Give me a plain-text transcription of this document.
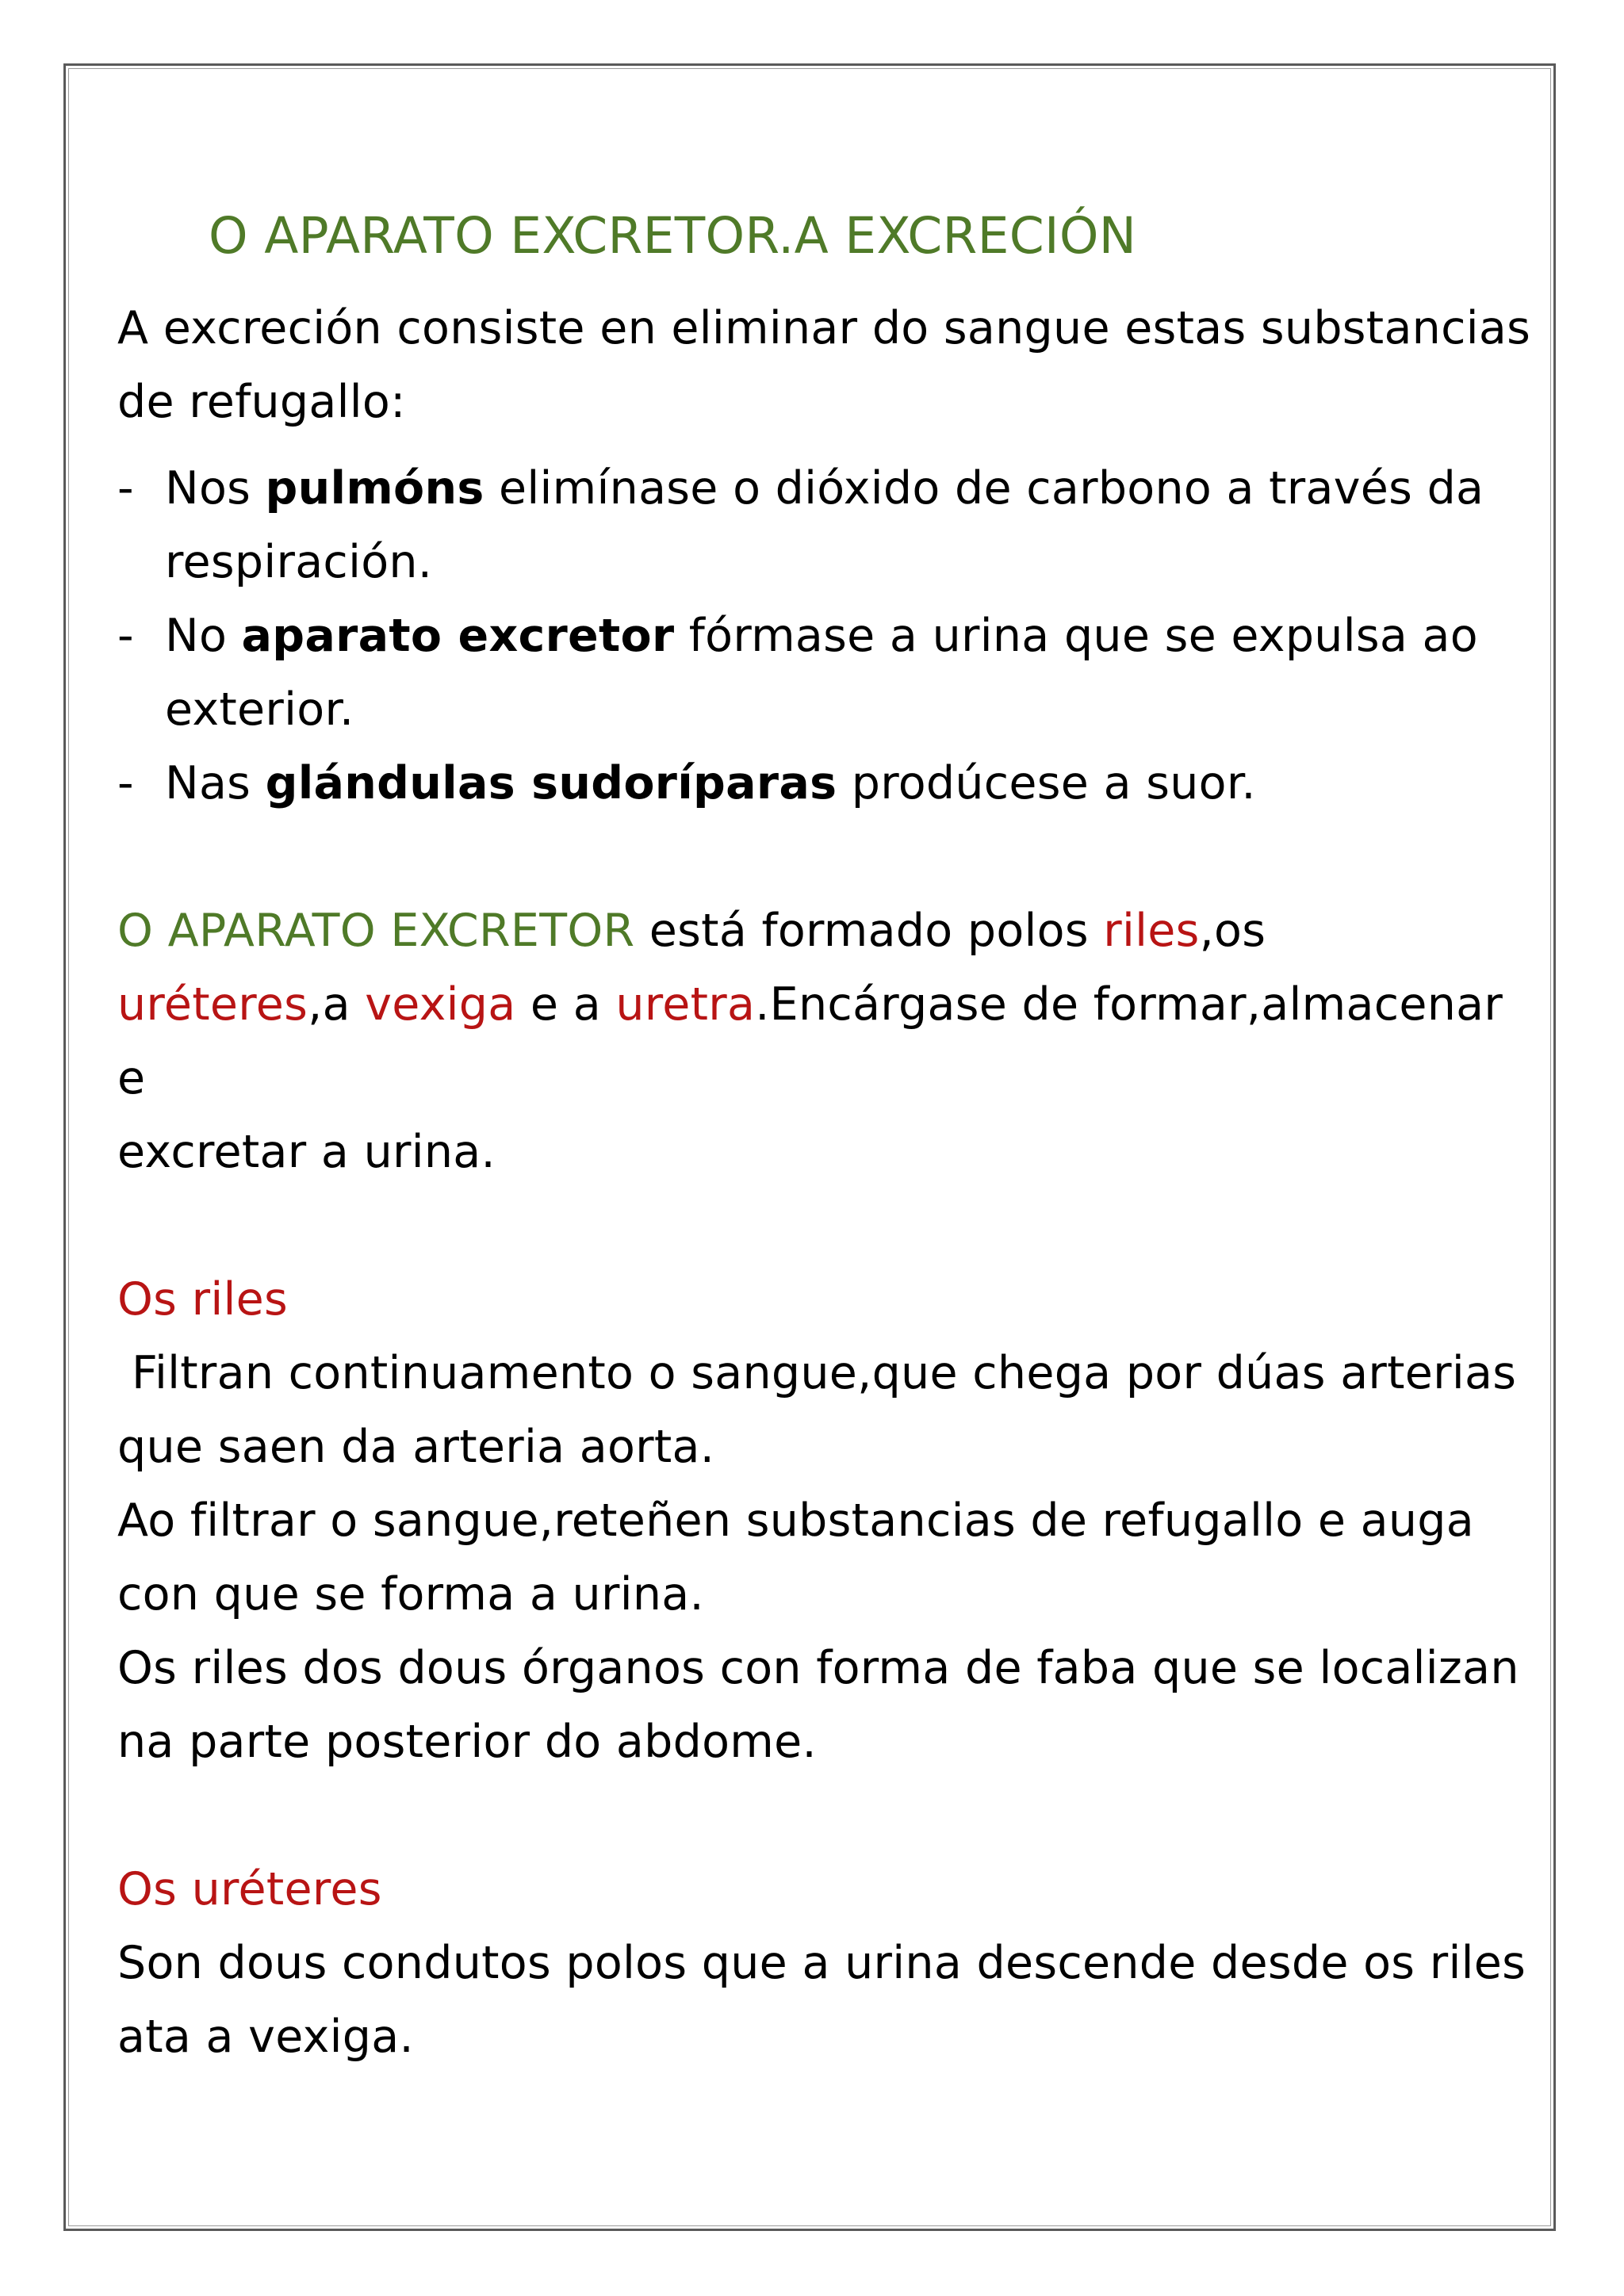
O APARATO EXCRETOR.A EXCRECIÓN

A excreción consiste en eliminar do sangue estas substancias

de refugallo:

- Nos pulmóns elimínase o dióxido de carbono a través da
respiración.
- No aparato excretor fórmase a urina que se expulsa ao
exterior.
- Nas glándulas sudoríparas prodúcese a suor.

O APARATO EXCRETOR está formado polos riles,os
uréteres,a vexiga e a uretra.Encárgase de formar,almacenar e
excretar a urina.

Os riles

Filtran continuamento o sangue,que chega por dúas arterias

que saen da arteria aorta.

Ao filtrar o sangue,reteñen substancias de refugallo e auga

con que se forma a urina.

Os riles dos dous órganos con forma de faba que se localizan

na parte posterior do abdome.

Os uréteres

Son dous condutos polos que a urina descende desde os riles

ata a vexiga.
